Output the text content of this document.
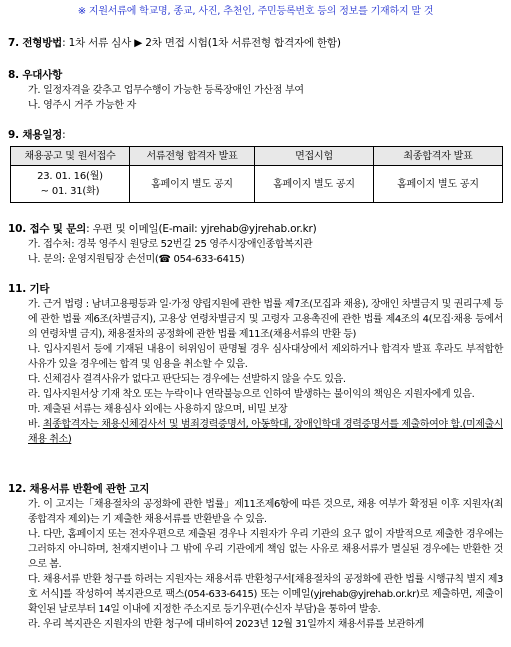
※ 지원서류에 학교명, 종교, 사진, 추천인, 주민등록번호 등의 정보를 기재하지 말 것
7. 전형방법: 1차 서류 심사 ▶ 2차 면접 시험(1차 서류전형 합격자에 한함)
8. 우대사항
가. 일정자격을 갖추고 업무수행이 가능한 등록장애인 가산점 부여
나. 영주시 거주 가능한 자
9. 채용일정:
채용공고 및 원서접수	서류전형 합격자 발표	면접시험	최종합격자 발표

23. 01. 16(월)
~ 01. 31(화)	홈페이지 별도 공지	홈페이지 별도 공지	홈페이지 별도 공지
10. 접수 및 문의: 우편 및 이메일(E-mail: yjrehab@yjrehab.or.kr)
가. 접수처: 경북 영주시 원당로 52번길 25 영주시장애인종합복지관
나. 문의: 운영지원팀장 손선미(☎ 054-633-6415)
11. 기타
가. 근거 법령 : 남녀고용평등과 일·가정 양립지원에 관한 법률 제7조(모집과 채용), 장애인 차별금지 및 권리구제 등에 관한 법률 제6조(차별금지), 고용상 연령차별금지 및 고령자 고용촉진에 관한 법률 제4조의 4(모집·채용 등에서의 연령차별 금지), 채용절차의 공정화에 관한 법률 제11조(채용서류의 반환 등)
나. 입사지원서 등에 기재된 내용이 허위임이 판명될 경우 심사대상에서 제외하거나 합격자 발표 후라도 부적합한 사유가 있을 경우에는 합격 및 임용을 취소할 수 있음.
다. 신체검사 결격사유가 없다고 판단되는 경우에는 선발하지 않을 수도 있음.
라. 입사지원서상 기재 착오 또는 누락이나 연락불능으로 인하여 발생하는 불이익의 책임은 지원자에게 있음.
마. 제출된 서류는 채용심사 외에는 사용하지 않으며, 비밀 보장
바. 최종합격자는 채용신체검사서 및 범죄경력증명서, 아동학대, 장애인학대 경력증명서를 제출하여야 함.(미제출시 채용 취소)
12. 채용서류 반환에 관한 고지
가. 이 고지는「채용절차의 공정화에 관한 법률」제11조제6항에 따른 것으로, 채용 여부가 확정된 이후 지원자(최종합격자 제외)는 기 제출한 채용서류를 반환받을 수 있음.
나. 다만, 홈페이지 또는 전자우편으로 제출된 경우나 지원자가 우리 기관의 요구 없이 자발적으로 제출한 경우에는 그러하지 아니하며, 천재지변이나 그 밖에 우리 기관에게 책임 없는 사유로 채용서류가 멸실된 경우에는 반환한 것으로 봄.
다. 채용서류 반환 청구를 하려는 지원자는 채용서류 반환청구서[채용절차의 공정화에 관한 법률 시행규칙 별지 제3호 서식]를 작성하여 복지관으로 팩스(054-633-6415) 또는 이메일(yjrehab@yjrehab.or.kr)로 제출하면, 제출이 확인된 날로부터 14일 이내에 지정한 주소지로 등기우편(수신자 부담)을 통하여 발송.
라. 우리 복지관은 지원자의 반환 청구에 대비하여 2023년 12월 31일까지 채용서류를 보관하게
